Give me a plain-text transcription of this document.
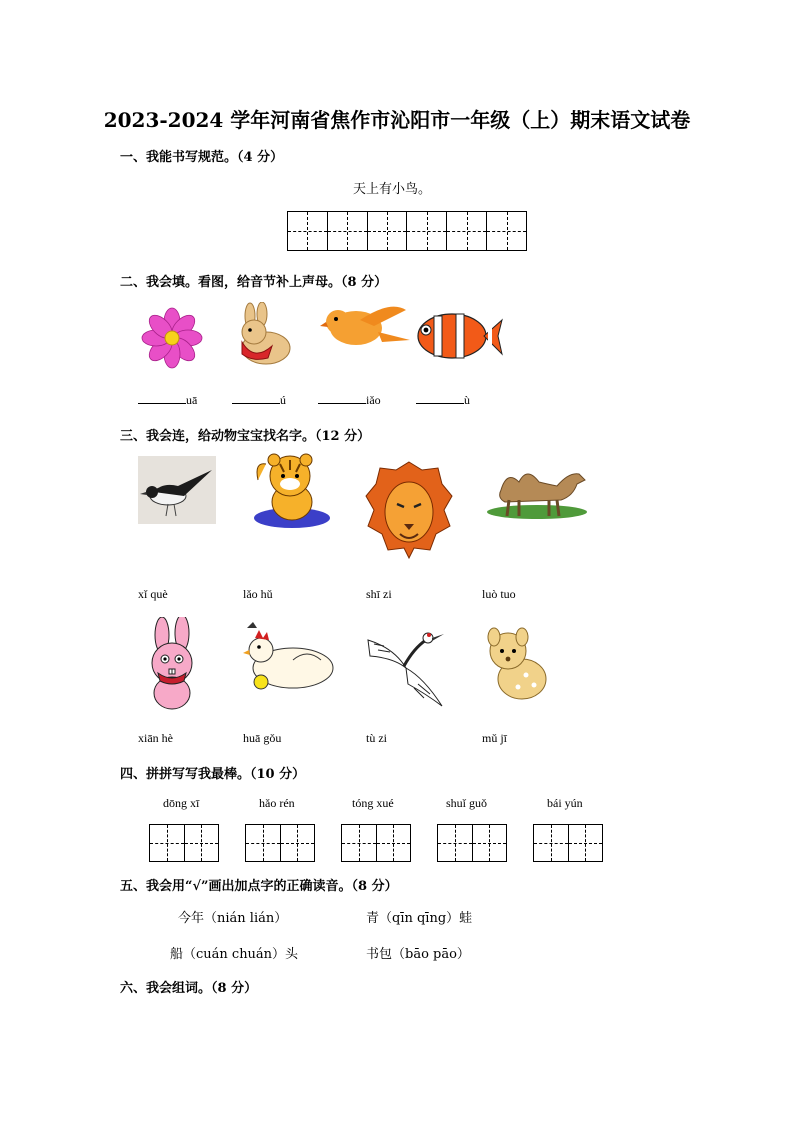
2023-2024 学年河南省焦作市沁阳市一年级（上）期末语文试卷
一、我能书写规范。（4 分）
天上有小鸟。
二、我会填。看图，给音节补上声母。（8 分）
uā	ú	iǎo	ù
三、我会连，给动物宝宝找名字。（12 分）
xǐ què	lǎo hǔ	shī zi	luò tuo
xiān hè	huā gǒu	tù zi	mǔ jī
四、拼拼写写我最棒。（10 分）
dōng xī	hǎo rén	tóng xué	shuǐ guǒ	bái yún
五、我会用“√”画出加点字的正确读音。（8 分）
今年（nián lián）	青（qīn qīng）蛙
船（cuán chuán）头	书包（bāo pāo）
六、我会组词。（8 分）
